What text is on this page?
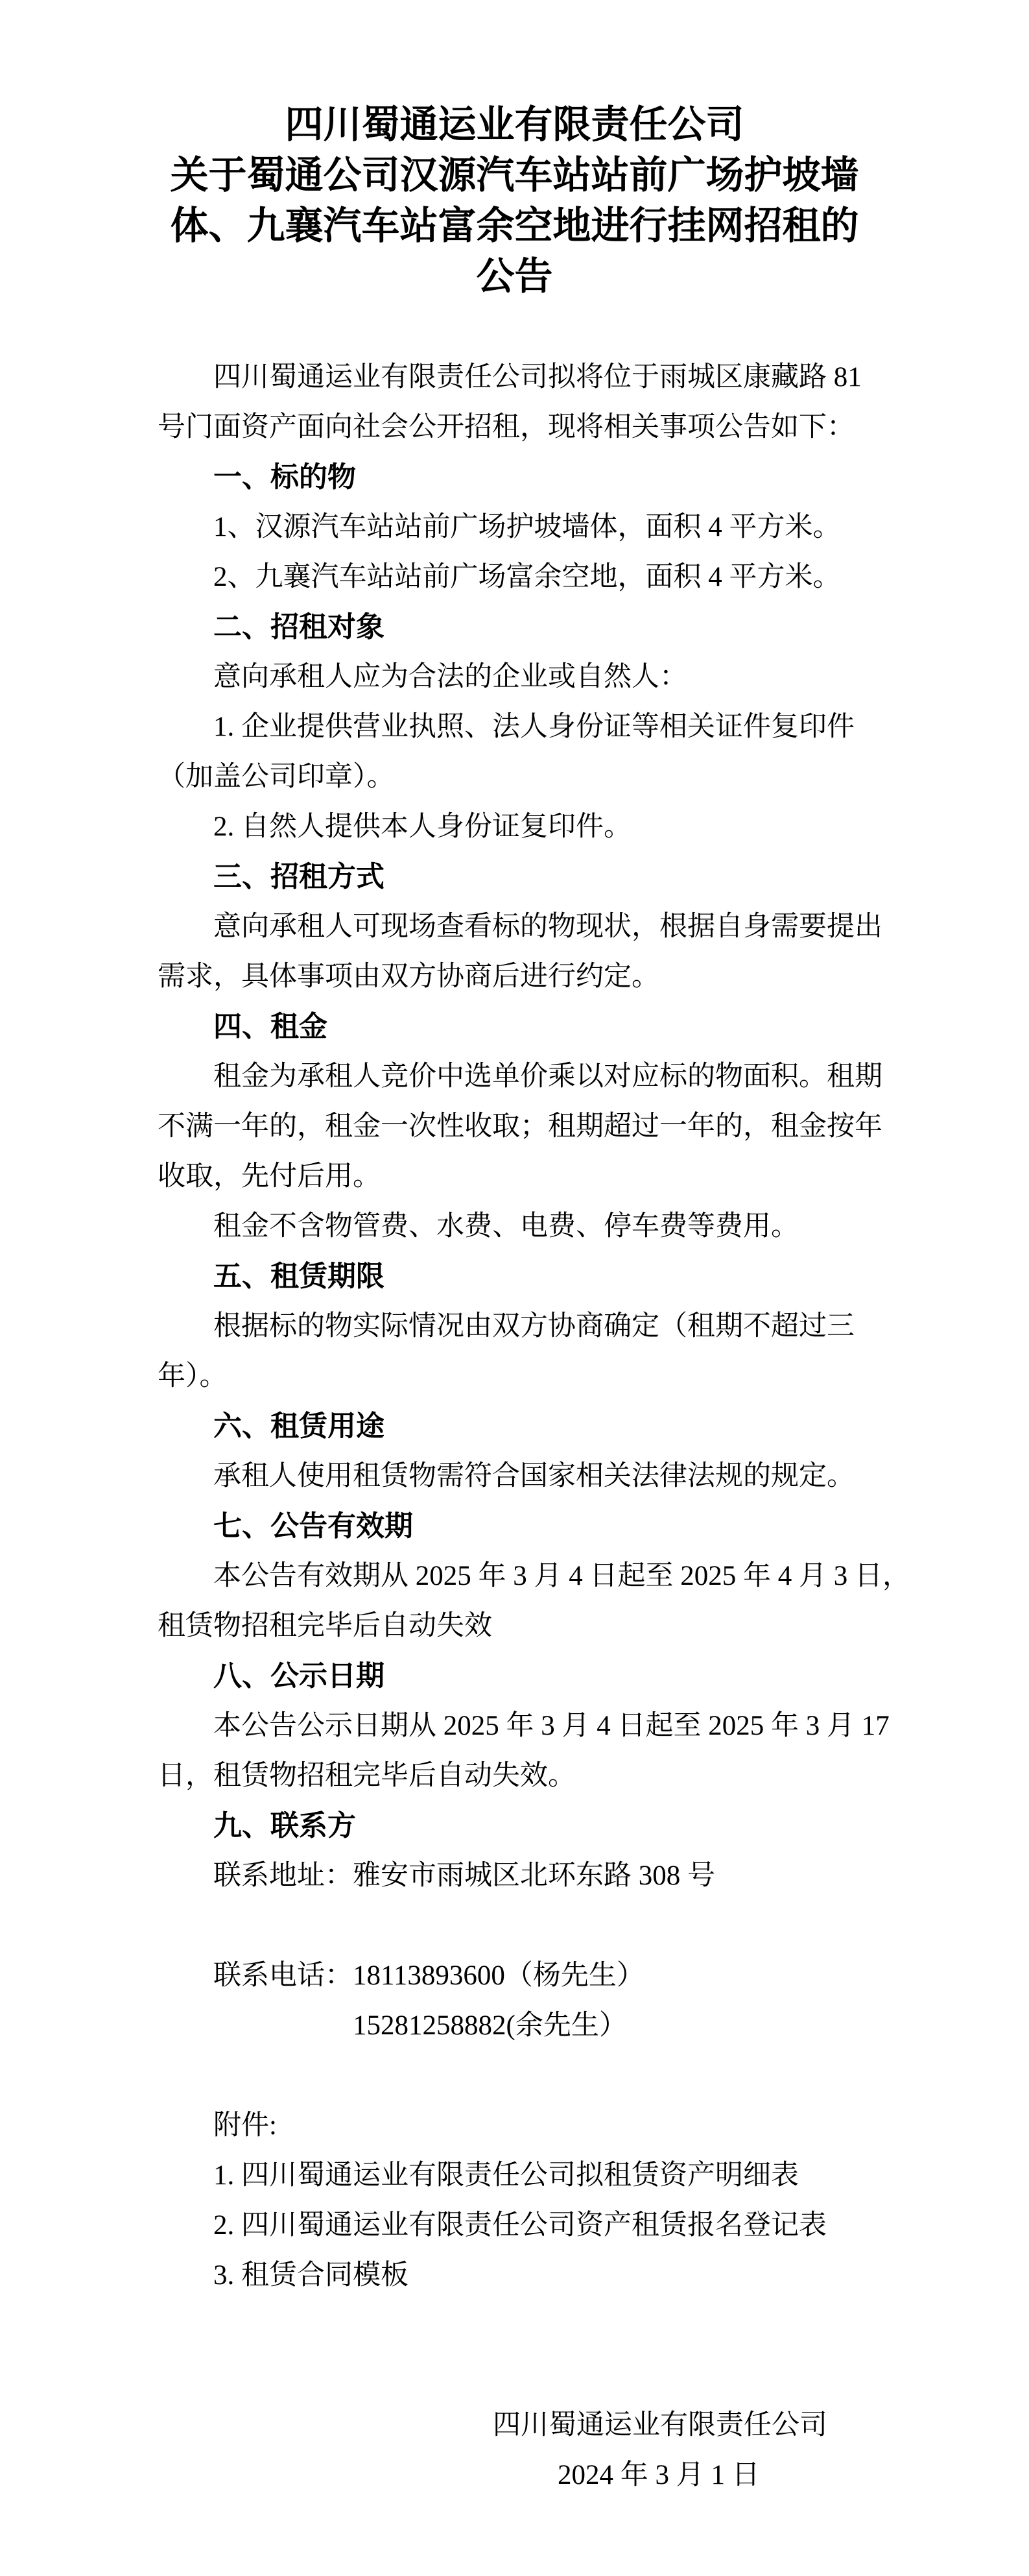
四川蜀通运业有限责任公司
关于蜀通公司汉源汽车站站前广场护坡墙
体、九襄汽车站富余空地进行挂网招租的
公告
四川蜀通运业有限责任公司拟将位于雨城区康藏路 81
号门面资产面向社会公开招租，现将相关事项公告如下：
一、标的物
1、汉源汽车站站前广场护坡墙体，面积 4 平方米。
2、九襄汽车站站前广场富余空地，面积 4 平方米。
二、招租对象
意向承租人应为合法的企业或自然人：
1. 企业提供营业执照、法人身份证等相关证件复印件
（加盖公司印章）。
2. 自然人提供本人身份证复印件。
三、招租方式
意向承租人可现场查看标的物现状，根据自身需要提出
需求，具体事项由双方协商后进行约定。
四、租金
租金为承租人竞价中选单价乘以对应标的物面积。租期
不满一年的，租金一次性收取；租期超过一年的，租金按年
收取，先付后用。
租金不含物管费、水费、电费、停车费等费用。
五、租赁期限
根据标的物实际情况由双方协商确定（租期不超过三
年）。
六、租赁用途
承租人使用租赁物需符合国家相关法律法规的规定。
七、公告有效期
本公告有效期从 2025 年 3 月 4 日起至 2025 年 4 月 3 日，
租赁物招租完毕后自动失效
八、公示日期
本公告公示日期从 2025 年 3 月 4 日起至 2025 年 3 月 17
日，租赁物招租完毕后自动失效。
九、联系方
联系地址：雅安市雨城区北环东路 308 号
联系电话：18113893600（杨先生）
15281258882(余先生）
附件:
1. 四川蜀通运业有限责任公司拟租赁资产明细表
2. 四川蜀通运业有限责任公司资产租赁报名登记表
3. 租赁合同模板
四川蜀通运业有限责任公司
2024 年 3 月 1 日
